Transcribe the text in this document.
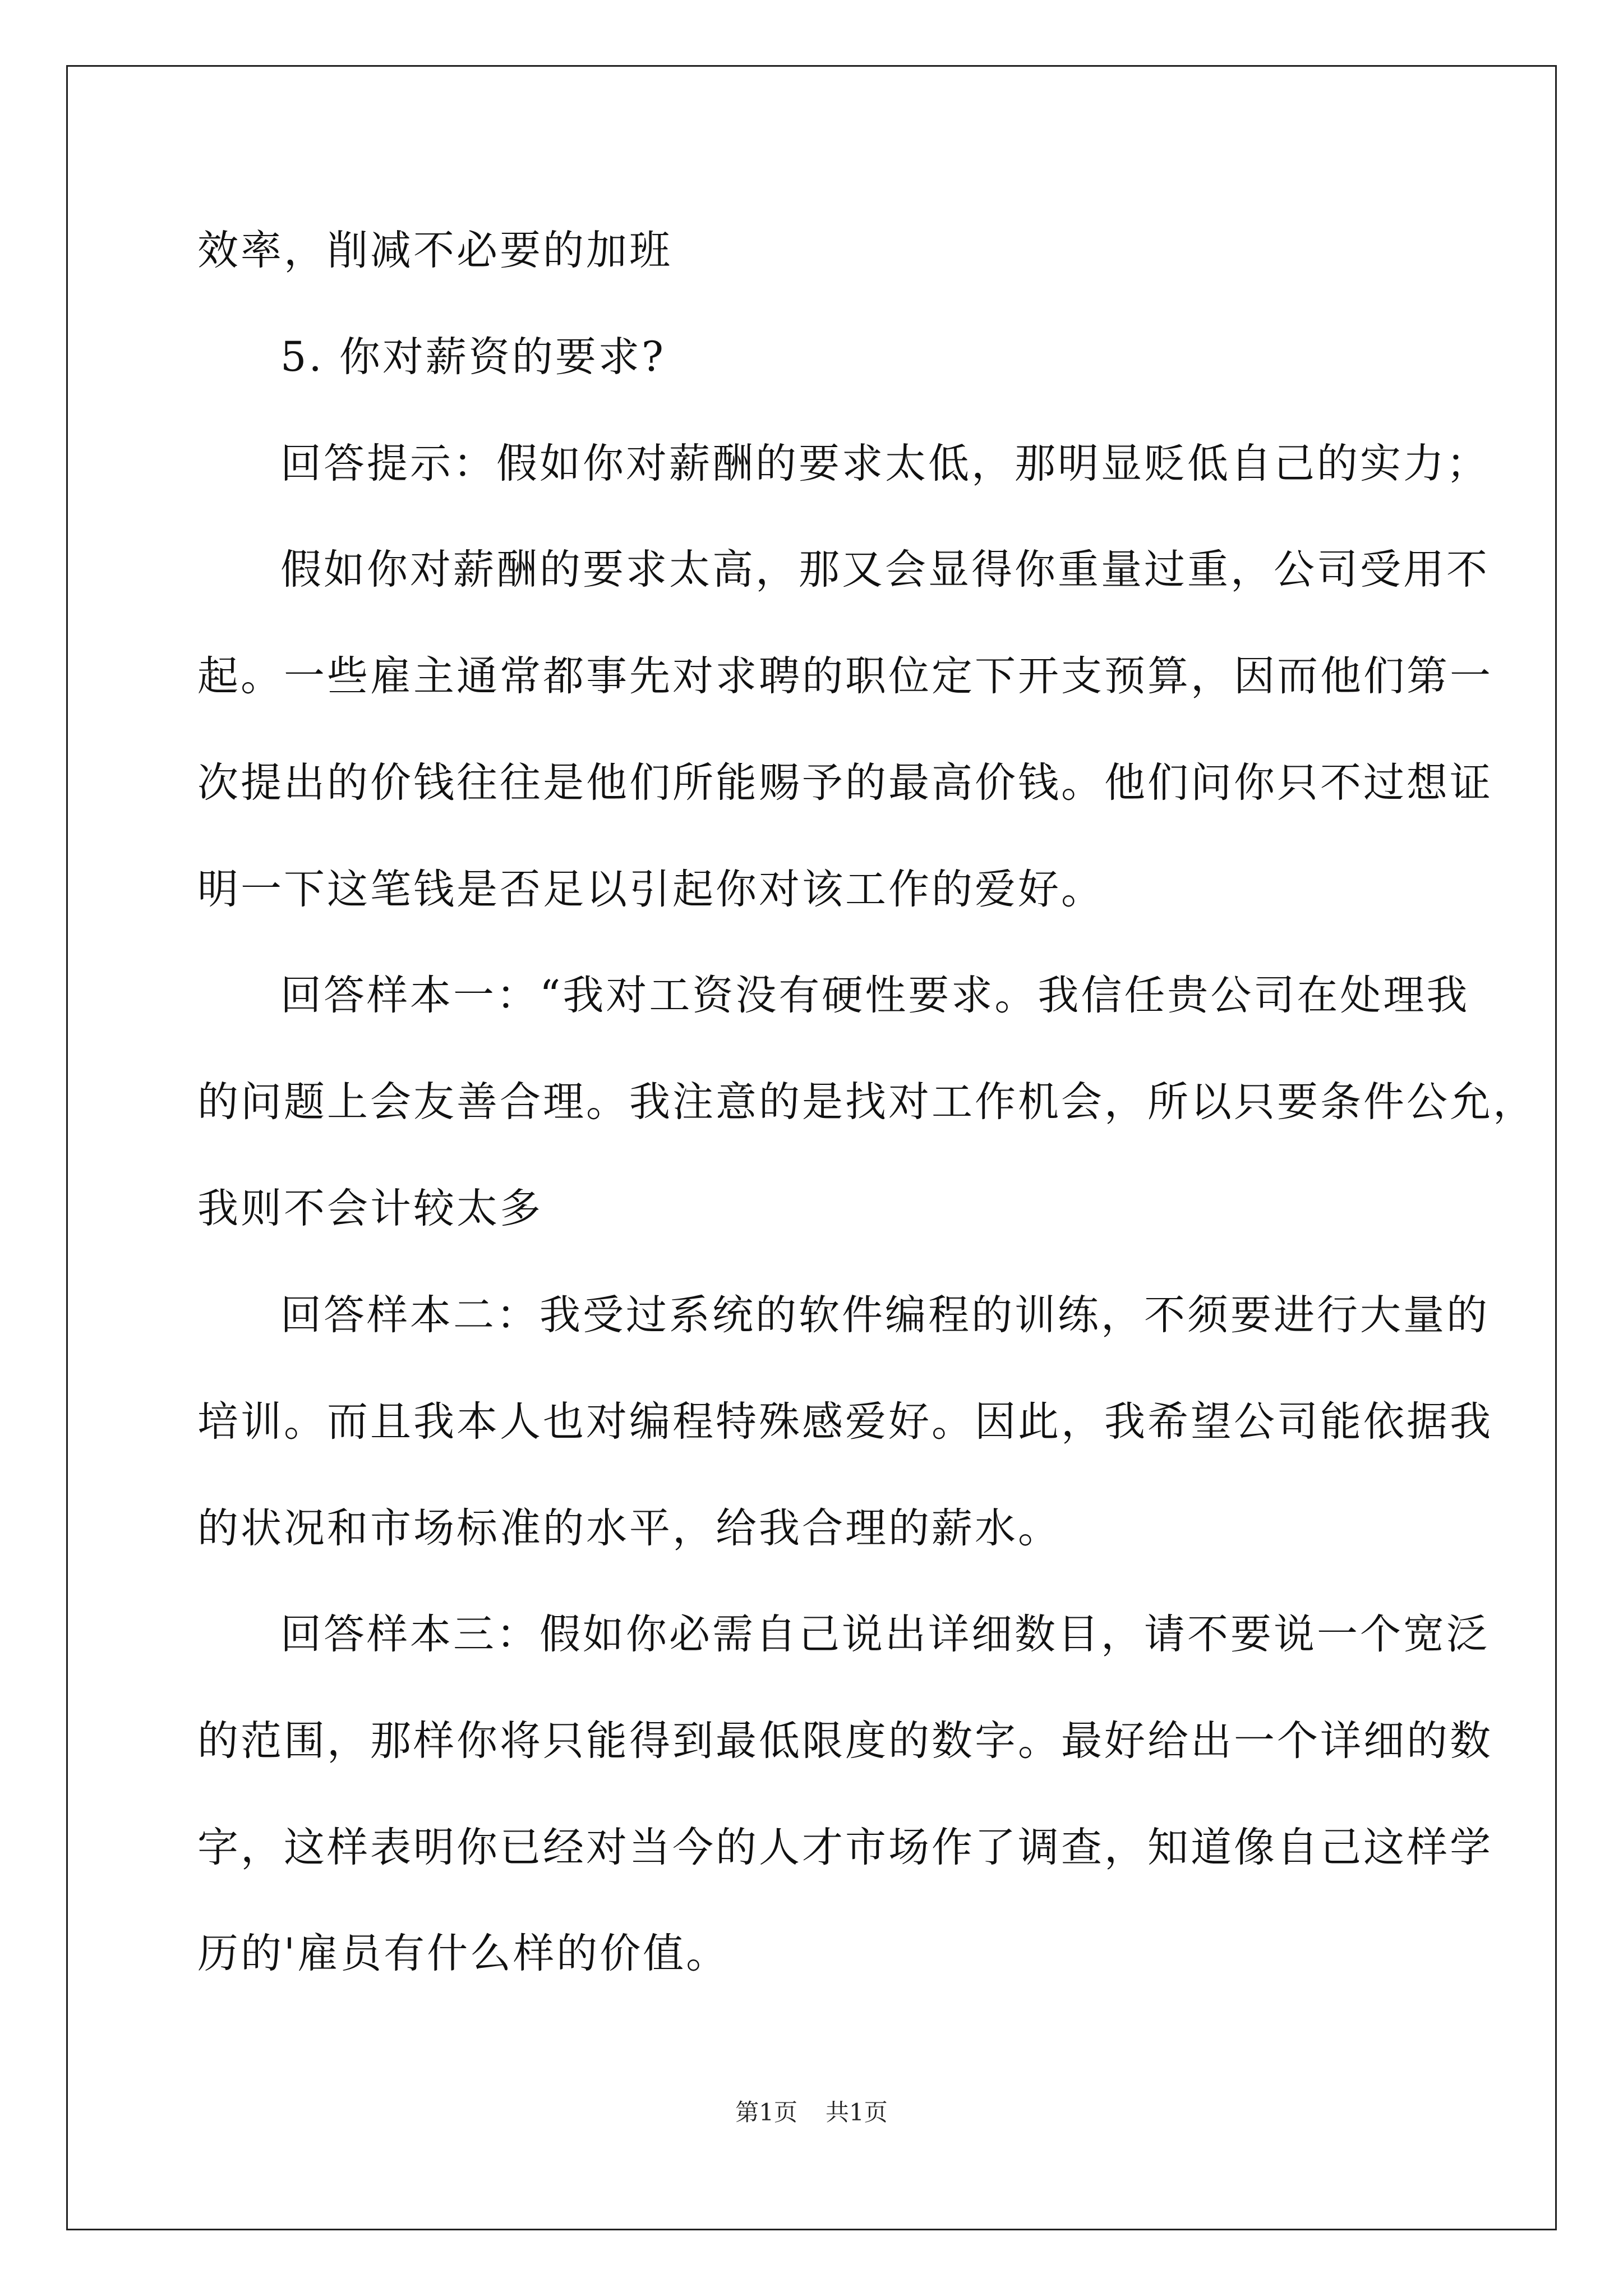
效率，削减不必要的加班
5. 你对薪资的要求?
回答提示：假如你对薪酬的要求太低，那明显贬低自己的实力；
假如你对薪酬的要求太高，那又会显得你重量过重，公司受用不
起。一些雇主通常都事先对求聘的职位定下开支预算，因而他们第一
次提出的价钱往往是他们所能赐予的最高价钱。他们问你只不过想证
明一下这笔钱是否足以引起你对该工作的爱好。
回答样本一：“我对工资没有硬性要求。我信任贵公司在处理我
的问题上会友善合理。我注意的是找对工作机会，所以只要条件公允，
我则不会计较太多
回答样本二：我受过系统的软件编程的训练，不须要进行大量的
培训。而且我本人也对编程特殊感爱好。因此，我希望公司能依据我
的状况和市场标准的水平，给我合理的薪水。
回答样本三：假如你必需自己说出详细数目，请不要说一个宽泛
的范围，那样你将只能得到最低限度的数字。最好给出一个详细的数
字，这样表明你已经对当今的人才市场作了调查，知道像自己这样学
历的'雇员有什么样的价值。
第1页 共1页
